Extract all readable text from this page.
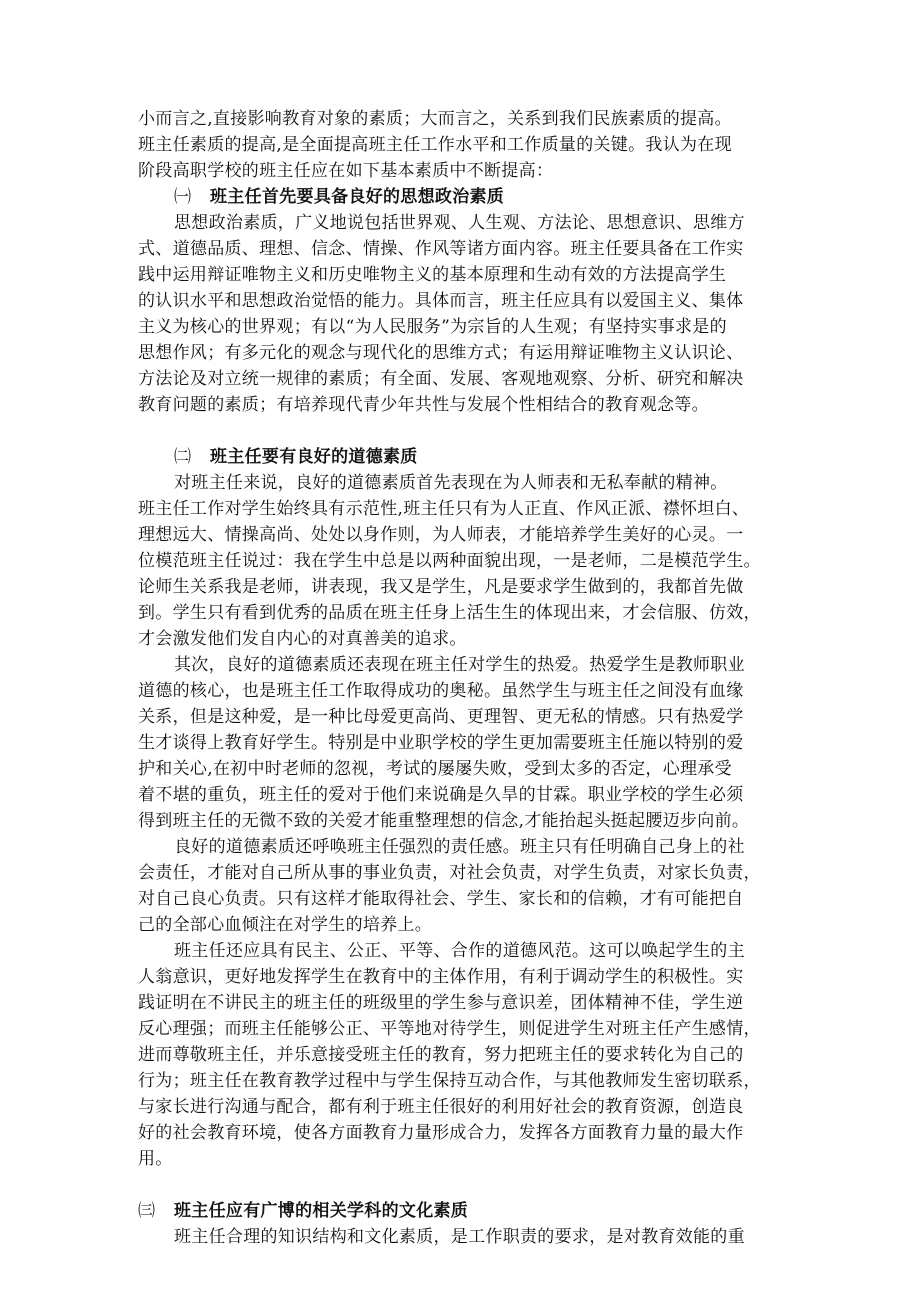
小而言之,直接影响教育对象的素质；大而言之，关系到我们民族素质的提高。
班主任素质的提高,是全面提高班主任工作水平和工作质量的关键。我认为在现
阶段高职学校的班主任应在如下基本素质中不断提高：
㈠ 班主任首先要具备良好的思想政治素质
思想政治素质，广义地说包括世界观、人生观、方法论、思想意识、思维方
式、道德品质、理想、信念、情操、作风等诸方面内容。班主任要具备在工作实
践中运用辩证唯物主义和历史唯物主义的基本原理和生动有效的方法提高学生
的认识水平和思想政治觉悟的能力。具体而言，班主任应具有以爱国主义、集体
主义为核心的世界观；有以“为人民服务”为宗旨的人生观；有坚持实事求是的
思想作风；有多元化的观念与现代化的思维方式；有运用辩证唯物主义认识论、
方法论及对立统一规律的素质；有全面、发展、客观地观察、分析、研究和解决
教育问题的素质；有培养现代青少年共性与发展个性相结合的教育观念等。
㈡ 班主任要有良好的道德素质
对班主任来说，良好的道德素质首先表现在为人师表和无私奉献的精神。
班主任工作对学生始终具有示范性,班主任只有为人正直、作风正派、襟怀坦白、
理想远大、情操高尚、处处以身作则，为人师表，才能培养学生美好的心灵。一
位模范班主任说过：我在学生中总是以两种面貌出现，一是老师，二是模范学生。
论师生关系我是老师，讲表现，我又是学生，凡是要求学生做到的，我都首先做
到。学生只有看到优秀的品质在班主任身上活生生的体现出来，才会信服、仿效，
才会激发他们发自内心的对真善美的追求。
其次，良好的道德素质还表现在班主任对学生的热爱。热爱学生是教师职业
道德的核心，也是班主任工作取得成功的奥秘。虽然学生与班主任之间没有血缘
关系，但是这种爱，是一种比母爱更高尚、更理智、更无私的情感。只有热爱学
生才谈得上教育好学生。特别是中业职学校的学生更加需要班主任施以特别的爱
护和关心,在初中时老师的忽视，考试的屡屡失败，受到太多的否定，心理承受
着不堪的重负，班主任的爱对于他们来说确是久旱的甘霖。职业学校的学生必须
得到班主任的无微不致的关爱才能重整理想的信念,才能抬起头挺起腰迈步向前。
良好的道德素质还呼唤班主任强烈的责任感。班主只有任明确自己身上的社
会责任，才能对自己所从事的事业负责，对社会负责，对学生负责，对家长负责，
对自己良心负责。只有这样才能取得社会、学生、家长和的信赖，才有可能把自
己的全部心血倾注在对学生的培养上。
班主任还应具有民主、公正、平等、合作的道德风范。这可以唤起学生的主
人翁意识，更好地发挥学生在教育中的主体作用，有利于调动学生的积极性。实
践证明在不讲民主的班主任的班级里的学生参与意识差，团体精神不佳，学生逆
反心理强；而班主任能够公正、平等地对待学生，则促进学生对班主任产生感情，
进而尊敬班主任，并乐意接受班主任的教育，努力把班主任的要求转化为自己的
行为；班主任在教育教学过程中与学生保持互动合作，与其他教师发生密切联系，
与家长进行沟通与配合，都有利于班主任很好的利用好社会的教育资源，创造良
好的社会教育环境，使各方面教育力量形成合力，发挥各方面教育力量的最大作
用。
㈢ 班主任应有广博的相关学科的文化素质
班主任合理的知识结构和文化素质，是工作职责的要求，是对教育效能的重
